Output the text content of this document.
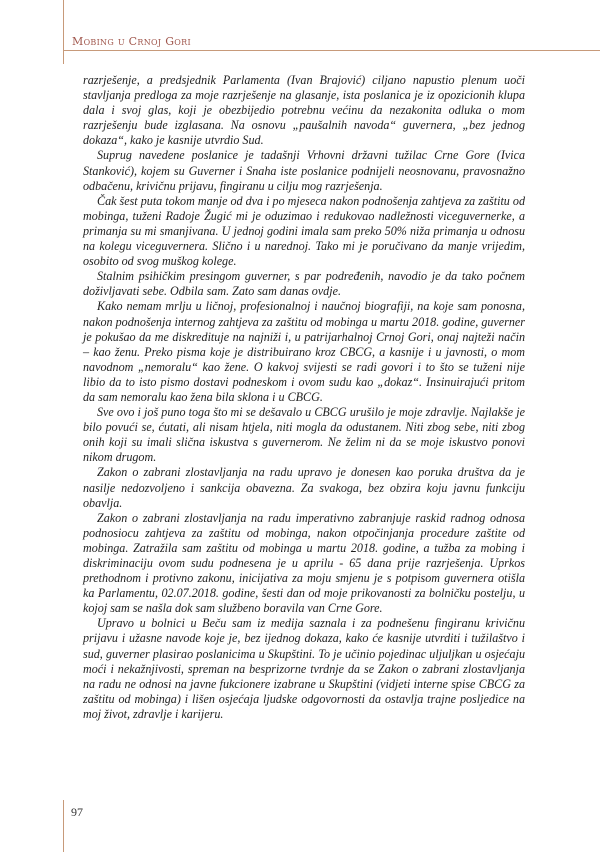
Mobing u Crnoj Gori

razrješenje, a predsjednik Parlamenta (Ivan Brajović) ciljano napustio plenum uoči stavljanja predloga za moje razrješenje na glasanje, ista poslanica je iz opozicionih klupa dala i svoj glas, koji je obezbijedio potrebnu većinu da nezakonita odluka o mom razrješenju bude izglasana. Na osnovu „paušalnih navoda“ guvernera, „bez jednog dokaza“, kako je kasnije utvrdio Sud.

Suprug navedene poslanice je tadašnji Vrhovni državni tužilac Crne Gore (Ivica Stanković), kojem su Guverner i Snaha iste poslanice podnijeli neosnovanu, pravosnažno odbačenu, krivičnu prijavu, fingiranu u cilju mog razrješenja.

Čak šest puta tokom manje od dva i po mjeseca nakon podnošenja zahtjeva za zaštitu od mobinga, tuženi Radoje Žugić mi je oduzimao i redukovao nadležnosti viceguvernerke, a primanja su mi smanjivana. U jednoj godini imala sam preko 50% niža primanja u odnosu na kolegu viceguvernera. Slično i u narednoj. Tako mi je poručivano da manje vrijedim, osobito od svog muškog kolege.

Stalnim psihičkim presingom guverner, s par podređenih, navodio je da tako počnem doživljavati sebe. Odbila sam. Zato sam danas ovdje.

Kako nemam mrlju u ličnoj, profesionalnoj i naučnoj biografiji, na koje sam ponosna, nakon podnošenja internog zahtjeva za zaštitu od mobinga u martu 2018. godine, guverner je pokušao da me diskredituje na najniži i, u patrijarhalnoj Crnoj Gori, onaj najteži način – kao ženu. Preko pisma koje je distribuirano kroz CBCG, a kasnije i u javnosti, o mom navodnom „nemoralu“ kao žene. O kakvoj svijesti se radi govori i to što se tuženi nije libio da to isto pismo dostavi podneskom i ovom sudu kao „dokaz“. Insinuirajući pritom da sam nemoralu kao žena bila sklona i u CBCG.

Sve ovo i još puno toga što mi se dešavalo u CBCG urušilo je moje zdravlje. Najlakše je bilo povući se, ćutati, ali nisam htjela, niti mogla da odustanem. Niti zbog sebe, niti zbog onih koji su imali slična iskustva s guvernerom. Ne želim ni da se moje iskustvo ponovi nikom drugom.

Zakon o zabrani zlostavljanja na radu upravo je donesen kao poruka društva da je nasilje nedozvoljeno i sankcija obavezna. Za svakoga, bez obzira koju javnu funkciju obavlja.

Zakon o zabrani zlostavljanja na radu imperativno zabranjuje raskid radnog odnosa podnosiocu zahtjeva za zaštitu od mobinga, nakon otpočinjanja procedure zaštite od mobinga. Zatražila sam zaštitu od mobinga u martu 2018. godine, a tužba za mobing i diskriminaciju ovom sudu podnesena je u aprilu - 65 dana prije razrješenja. Uprkos prethodnom i protivno zakonu, inicijativa za moju smjenu je s potpisom guvernera otišla ka Parlamentu, 02.07.2018. godine, šesti dan od moje prikovanosti za bolničku postelju, u kojoj sam se našla dok sam službeno boravila van Crne Gore.

Upravo u bolnici u Beču sam iz medija saznala i za podnešenu fingiranu krivičnu prijavu i užasne navode koje je, bez ijednog dokaza, kako će kasnije utvrditi i tužilaštvo i sud, guverner plasirao poslanicima u Skupštini. To je učinio pojedinac uljuljkan u osjećaju moći i nekažnjivosti, spreman na besprizorne tvrdnje da se Zakon o zabrani zlostavljanja na radu ne odnosi na javne fukcionere izabrane u Skupštini (vidjeti interne spise CBCG za zaštitu od mobinga) i lišen osjećaja ljudske odgovornosti da ostavlja trajne posljedice na moj život, zdravlje i karijeru.

97
